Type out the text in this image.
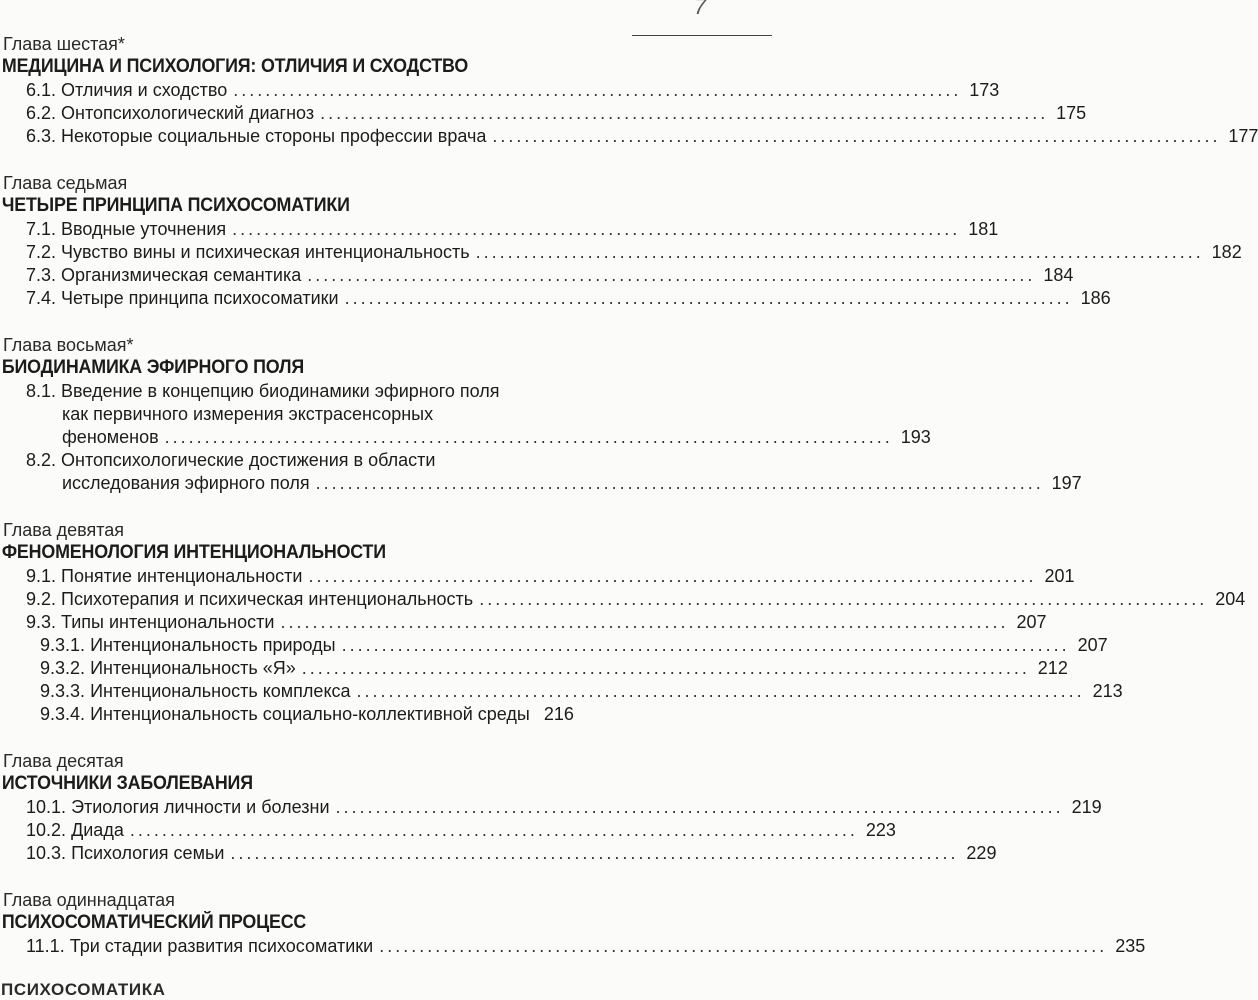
7
Глава шестая*
МЕДИЦИНА И ПСИХОЛОГИЯ: ОТЛИЧИЯ И СХОДСТВО
6.1.
Отличия и сходство ........................................................................................... 173
6.2.
Онтопсихологический диагноз ........................................................................................... 175
6.3.
Некоторые социальные стороны профессии врача ........................................................................................... 177
Глава седьмая
ЧЕТЫРЕ ПРИНЦИПА ПСИХОСОМАТИКИ
7.1.
Вводные уточнения ........................................................................................... 181
7.2.
Чувство вины и психическая интенциональность ........................................................................................... 182
7.3.
Организмическая семантика ........................................................................................... 184
7.4.
Четыре принципа психосоматики ........................................................................................... 186
Глава восьмая*
БИОДИНАМИКА ЭФИРНОГО ПОЛЯ
8.1. Введение в концепцию биодинамики эфирного поля
как первичного измерения экстрасенсорных
феноменов ........................................................................................... 193
8.2. Онтопсихологические достижения в области
исследования эфирного поля ........................................................................................... 197
Глава девятая
ФЕНОМЕНОЛОГИЯ ИНТЕНЦИОНАЛЬНОСТИ
9.1.
Понятие интенциональности ........................................................................................... 201
9.2.
Психотерапия и психическая интенциональность ........................................................................................... 204
9.3.
Типы интенциональности ........................................................................................... 207
9.3.1.
Интенциональность природы ........................................................................................... 207
9.3.2.
Интенциональность «Я» ........................................................................................... 212
9.3.3.
Интенциональность комплекса ........................................................................................... 213
9.3.4.
Интенциональность социально-коллективной среды 216
Глава десятая
ИСТОЧНИКИ ЗАБОЛЕВАНИЯ
10.1.
Этиология личности и болезни ........................................................................................... 219
10.2.
Диада ........................................................................................... 223
10.3.
Психология семьи ........................................................................................... 229
Глава одиннадцатая
ПСИХОСОМАТИЧЕСКИЙ ПРОЦЕСС
11.1.
Три стадии развития психосоматики ........................................................................................... 235
ПСИХОСОМАТИКА
